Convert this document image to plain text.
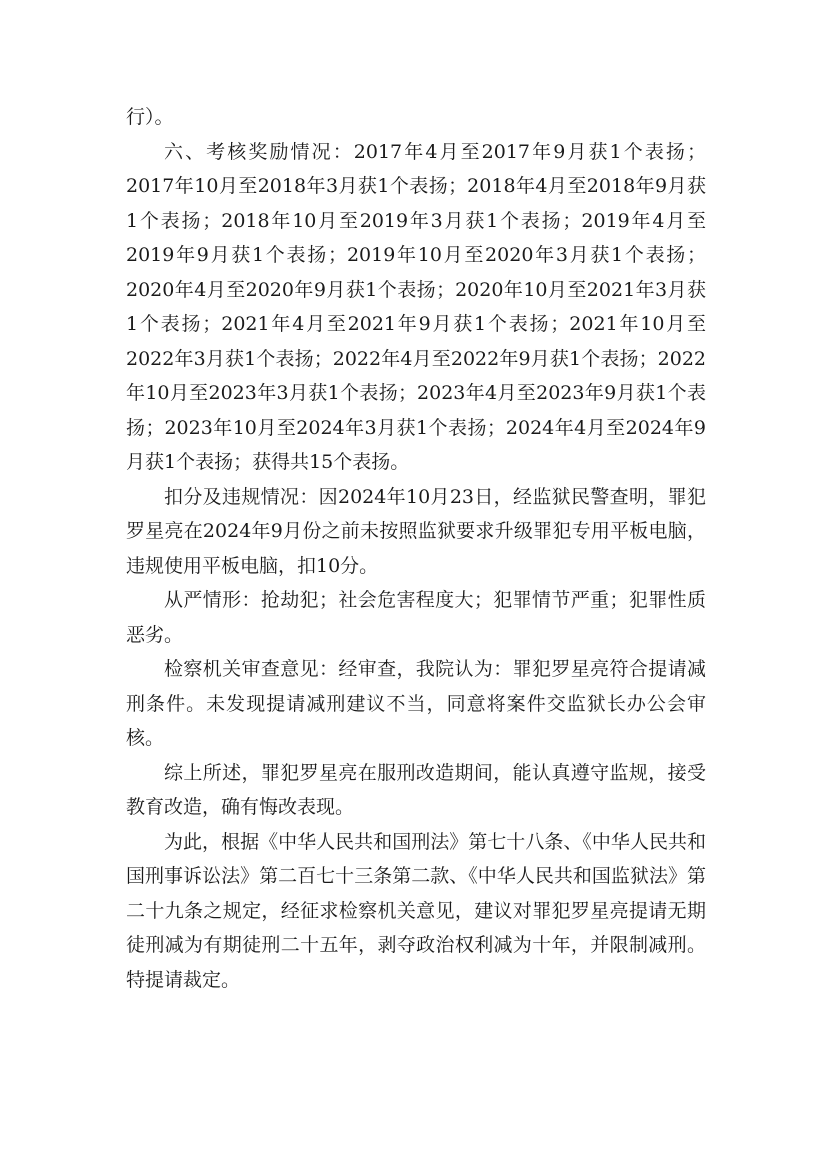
行）。

六、考核奖励情况：2017年4月至2017年9月获1个表扬；2017年10月至2018年3月获1个表扬；2018年4月至2018年9月获1个表扬；2018年10月至2019年3月获1个表扬；2019年4月至2019年9月获1个表扬；2019年10月至2020年3月获1个表扬；2020年4月至2020年9月获1个表扬；2020年10月至2021年3月获1个表扬；2021年4月至2021年9月获1个表扬；2021年10月至2022年3月获1个表扬；2022年4月至2022年9月获1个表扬；2022年10月至2023年3月获1个表扬；2023年4月至2023年9月获1个表扬；2023年10月至2024年3月获1个表扬；2024年4月至2024年9月获1个表扬；获得共15个表扬。

扣分及违规情况：因2024年10月23日，经监狱民警查明，罪犯罗星亮在2024年9月份之前未按照监狱要求升级罪犯专用平板电脑，违规使用平板电脑，扣10分。

从严情形：抢劫犯；社会危害程度大；犯罪情节严重；犯罪性质恶劣。

检察机关审查意见：经审查，我院认为：罪犯罗星亮符合提请减刑条件。未发现提请减刑建议不当，同意将案件交监狱长办公会审核。

综上所述，罪犯罗星亮在服刑改造期间，能认真遵守监规，接受教育改造，确有悔改表现。

为此，根据《中华人民共和国刑法》第七十八条、《中华人民共和国刑事诉讼法》第二百七十三条第二款、《中华人民共和国监狱法》第二十九条之规定，经征求检察机关意见，建议对罪犯罗星亮提请无期徒刑减为有期徒刑二十五年，剥夺政治权利减为十年，并限制减刑。特提请裁定。
